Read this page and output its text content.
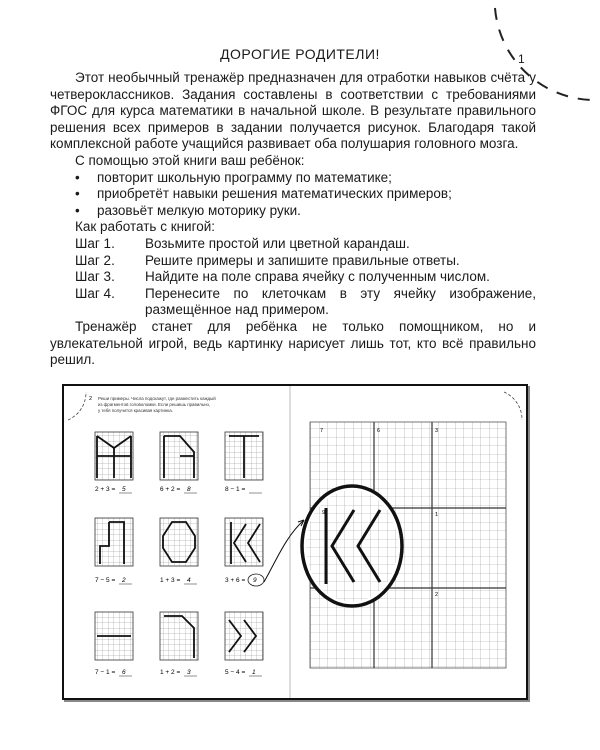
1
ДОРОГИЕ РОДИТЕЛИ!

Этот необычный тренажёр предназначен для отработки навыков счёта у четвероклассников. Задания составлены в соответствии с требованиями ФГОС для курса математики в начальной школе. В результате правильного решения всех примеров в задании получается рисунок. Благодаря такой комплексной работе учащийся развивает оба полушария головного мозга.

С помощью этой книги ваш ребёнок:

•	повторит школьную программу по математике;
•	приобретёт навыки решения математических примеров;
•	разовьёт мелкую моторику руки.

Как работать с книгой:

Шаг 1.	Возьмите простой или цветной карандаш.
Шаг 2.	Решите примеры и запишите правильные ответы.
Шаг 3.	Найдите на поле справа ячейку с полученным числом.
Шаг 4.	Перенесите по клеточкам в эту ячейку изображение, размещённое над примером.

Тренажёр станет для ребёнка не только помощником, но и увлекательной игрой, ведь картинку нарисует лишь тот, кто всё правильно решил.

2 Реши примеры. Числа подскажут, где разместить каждый
из фрагментов головоломки. Если решишь правильно,
у тебя получится красивая картинка.
2 + 3 = 5	6 + 2 = 8	8 − 1 =
7 − 5 = 2	1 + 3 = 4	3 + 6 = 9
7 − 1 = 6	1 + 2 = 3	5 − 4 = 1
7	6	3
1
2
9
